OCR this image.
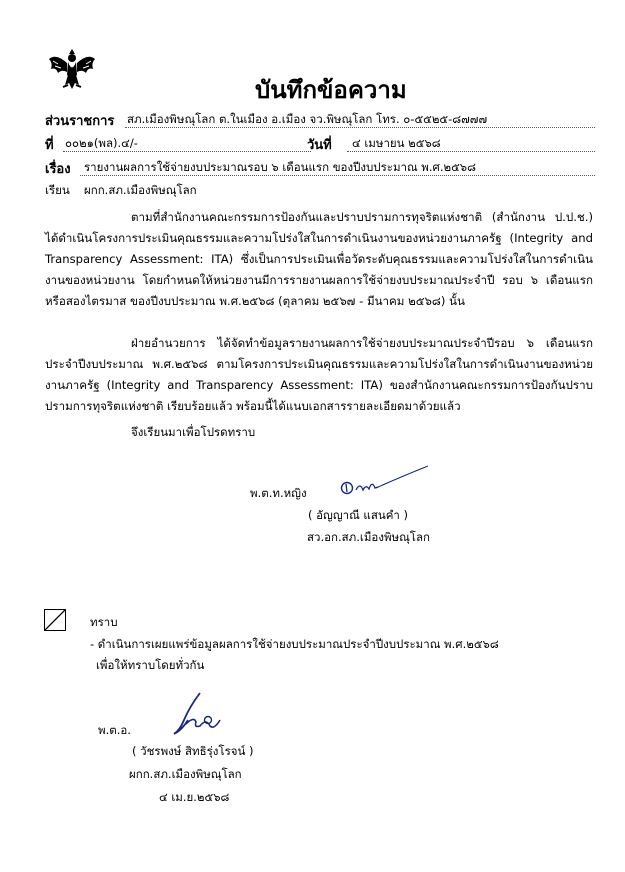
บันทึกข้อความ
ส่วนราชการ สภ.เมืองพิษณุโลก ต.ในเมือง อ.เมือง จว.พิษณุโลก โทร. ๐-๕๕๒๕-๘๗๗๗
ที่ ๐๐๒๑(พล).๔/-	วันที่ ๔ เมษายน ๒๕๖๘
เรื่อง รายงานผลการใช้จ่ายงบประมาณรอบ ๖ เดือนแรก ของปีงบประมาณ พ.ศ.๒๕๖๘
เรียน ผกก.สภ.เมืองพิษณุโลก
ตามที่สำนักงานคณะกรรมการป้องกันและปราบปรามการทุจริตแห่งชาติ (สำนักงาน ป.ป.ช.) ได้ดำเนินโครงการประเมินคุณธรรมและความโปร่งใสในการดำเนินงานของหน่วยงานภาครัฐ (Integrity and Transparency Assessment: ITA) ซึ่งเป็นการประเมินเพื่อวัดระดับคุณธรรมและความโปร่งใสในการดำเนินงานของหน่วยงาน โดยกำหนดให้หน่วยงานมีการรายงานผลการใช้จ่ายงบประมาณประจำปี รอบ ๖ เดือนแรก หรือสองไตรมาส ของปีงบประมาณ พ.ศ.๒๕๖๘ (ตุลาคม ๒๕๖๗ - มีนาคม ๒๕๖๘) นั้น
ฝ่ายอำนวยการ ได้จัดทำข้อมูลรายงานผลการใช้จ่ายงบประมาณประจำปีรอบ ๖ เดือนแรก ประจำปีงบประมาณ พ.ศ.๒๕๖๘ ตามโครงการประเมินคุณธรรมและความโปร่งใสในการดำเนินงานของหน่วยงานภาครัฐ (Integrity and Transparency Assessment: ITA) ของสำนักงานคณะกรรมการป้องกันปราบปรามการทุจริตแห่งชาติ เรียบร้อยแล้ว พร้อมนี้ได้แนบเอกสารรายละเอียดมาด้วยแล้ว
จึงเรียนมาเพื่อโปรดทราบ
พ.ต.ท.หญิง
( อัญญาณี แสนคำ )
สว.อก.สภ.เมืองพิษณุโลก
ทราบ
- ดำเนินการเผยแพร่ข้อมูลผลการใช้จ่ายงบประมาณประจำปีงบประมาณ พ.ศ.๒๕๖๘
เพื่อให้ทราบโดยทั่วกัน
พ.ต.อ.
( วัชรพงษ์ สิทธิรุ่งโรจน์ )
ผกก.สภ.เมืองพิษณุโลก
๔ เม.ย.๒๕๖๘
